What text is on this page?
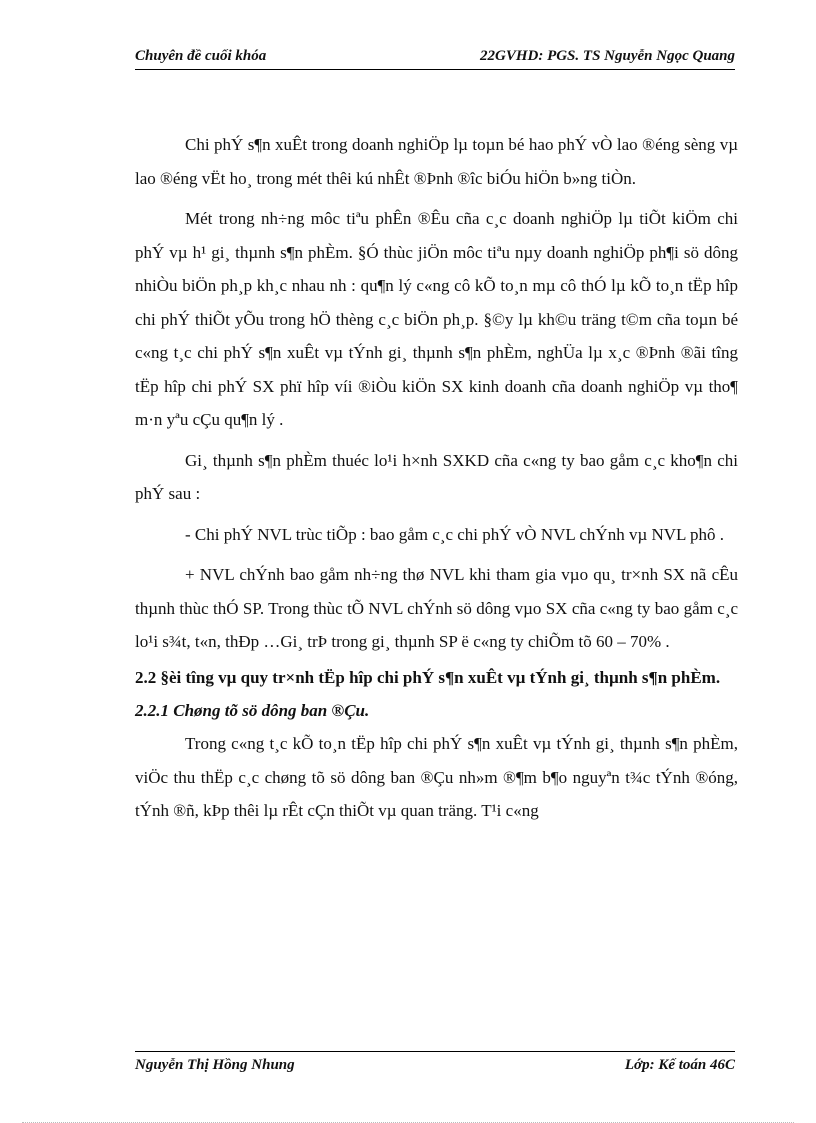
Chuyên đề cuối khóa	22GVHD: PGS. TS Nguyễn Ngọc Quang

Chi phÝ s¶n xuÊt trong doanh nghiÖp lµ toµn bé hao phÝ vÒ lao ®éng sèng vµ lao ®éng vËt ho¸ trong mét thêi kú nhÊt ®Þnh ®îc biÓu hiÖn b»ng tiÒn.

Mét trong nh÷ng môc tiªu phÊn ®Êu cña c¸c doanh nghiÖp lµ tiÕt kiÖm chi phÝ vµ h¹ gi¸ thµnh s¶n phÈm. §Ó thùc jiÖn môc tiªu nµy doanh nghiÖp ph¶i sö dông nhiÒu biÖn ph¸p kh¸c nhau nh : qu¶n lý c«ng cô kÕ to¸n mµ cô thÓ lµ kÕ to¸n tËp hîp chi phÝ thiÕt yÕu trong hÖ thèng c¸c biÖn ph¸p. §©y lµ kh©u träng t©m cña toµn bé c«ng t¸c chi phÝ s¶n xuÊt vµ tÝnh gi¸ thµnh s¶n phÈm, nghÜa lµ x¸c ®Þnh ®ãi tîng tËp hîp chi phÝ SX phï hîp víi ®iÒu kiÖn SX kinh doanh cña doanh nghiÖp vµ tho¶ m·n yªu cÇu qu¶n lý .

Gi¸ thµnh s¶n phÈm thuéc lo¹i h×nh SXKD cña c«ng ty bao gåm c¸c kho¶n chi phÝ sau :

- Chi phÝ NVL trùc tiÕp : bao gåm c¸c chi phÝ vÒ NVL chÝnh vµ NVL phô .

+ NVL chÝnh bao gåm nh÷ng thø NVL khi tham gia vµo qu¸ tr×nh SX nã cÊu thµnh thùc thÓ SP. Trong thùc tÕ NVL chÝnh sö dông vµo SX cña c«ng ty bao gåm c¸c lo¹i s¾t, t«n, thÐp …Gi¸ trÞ trong gi¸ thµnh SP ë c«ng ty chiÕm tõ 60 – 70% .

2.2 §èi tîng vµ quy tr×nh tËp hîp chi phÝ s¶n xuÊt vµ tÝnh gi¸ thµnh s¶n phÈm.

2.2.1 Chøng tõ sö dông ban ®Çu.

Trong c«ng t¸c kÕ to¸n tËp hîp chi phÝ s¶n xuÊt vµ tÝnh gi¸ thµnh s¶n phÈm, viÖc thu thËp c¸c chøng tõ sö dông ban ®Çu nh»m ®¶m b¶o nguyªn t¾c tÝnh ®óng, tÝnh ®ñ, kÞp thêi lµ rÊt cÇn thiÕt vµ quan träng. T¹i c«ng

Nguyễn Thị Hồng Nhung	Lớp: Kế toán 46C
